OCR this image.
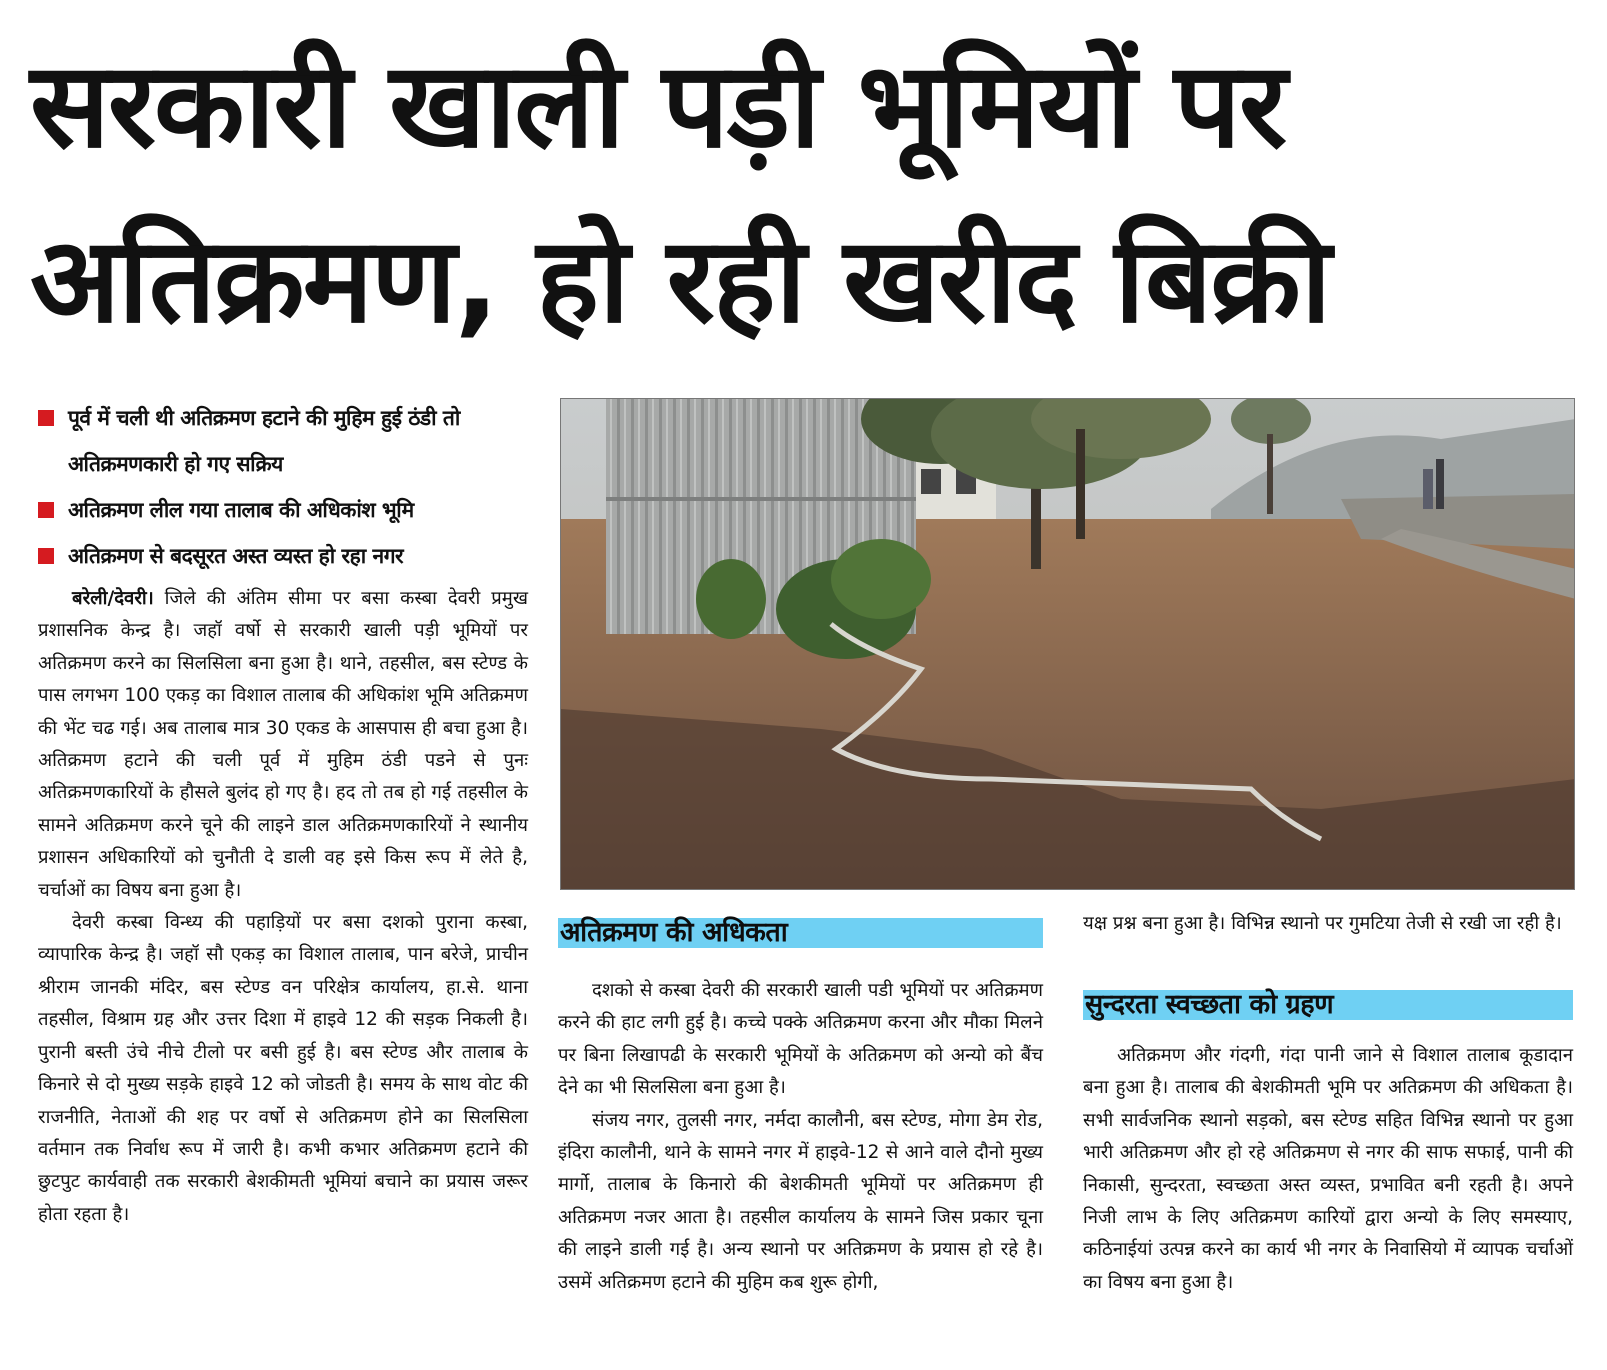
सरकारी खाली पड़ी भूमियों पर
अतिक्रमण, हो रही खरीद बिक्री
पूर्व में चली थी अतिक्रमण हटाने की मुहिम हुई ठंडी तो अतिक्रमणकारी हो गए सक्रिय
अतिक्रमण लील गया तालाब की अधिकांश भूमि
अतिक्रमण से बदसूरत अस्त व्यस्त हो रहा नगर

बरेली/देवरी। जिले की अंतिम सीमा पर बसा कस्बा देवरी प्रमुख प्रशासनिक केन्द्र है। जहॉ वर्षो से सरकारी खाली पड़ी भूमियों पर अतिक्रमण करने का सिलसिला बना हुआ है। थाने, तहसील, बस स्टेण्ड के पास लगभग 100 एकड़ का विशाल तालाब की अधिकांश भूमि अतिक्रमण की भेंट चढ गई। अब तालाब मात्र 30 एकड के आसपास ही बचा हुआ है। अतिक्रमण हटाने की चली पूर्व में मुहिम ठंडी पडने से पुनः अतिक्रमणकारियों के हौसले बुलंद हो गए है। हद तो तब हो गई तहसील के सामने अतिक्रमण करने चूने की लाइने डाल अतिक्रमणकारियों ने स्थानीय प्रशासन अधिकारियों को चुनौती दे डाली वह इसे किस रूप में लेते है, चर्चाओं का विषय बना हुआ है।

देवरी कस्बा विन्ध्य की पहाड़ियों पर बसा दशको पुराना कस्बा, व्यापारिक केन्द्र है। जहॉ सौ एकड़ का विशाल तालाब, पान बरेजे, प्राचीन श्रीराम जानकी मंदिर, बस स्टेण्ड वन परिक्षेत्र कार्यालय, हा.से. थाना तहसील, विश्राम ग्रह और उत्तर दिशा में हाइवे 12 की सड़क निकली है। पुरानी बस्ती उंचे नीचे टीलो पर बसी हुई है। बस स्टेण्ड और तालाब के किनारे से दो मुख्य सड़के हाइवे 12 को जोडती है। समय के साथ वोट की राजनीति, नेताओं की शह पर वर्षो से अतिक्रमण होने का सिलसिला वर्तमान तक निर्वाध रूप में जारी है। कभी कभार अतिक्रमण हटाने की छुटपुट कार्यवाही तक सरकारी बेशकीमती भूमियां बचाने का प्रयास जरूर होता रहता है।

अतिक्रमण की अधिकता

दशको से कस्बा देवरी की सरकारी खाली पडी भूमियों पर अतिक्रमण करने की हाट लगी हुई है। कच्चे पक्के अतिक्रमण करना और मौका मिलने पर बिना लिखापढी के सरकारी भूमियों के अतिक्रमण को अन्यो को बैंच देने का भी सिलसिला बना हुआ है।

संजय नगर, तुलसी नगर, नर्मदा कालौनी, बस स्टेण्ड, मोगा डेम रोड, इंदिरा कालौनी, थाने के सामने नगर में हाइवे-12 से आने वाले दौनो मुख्य मार्गो, तालाब के किनारो की बेशकीमती भूमियों पर अतिक्रमण ही अतिक्रमण नजर आता है। तहसील कार्यालय के सामने जिस प्रकार चूना की लाइने डाली गई है। अन्य स्थानो पर अतिक्रमण के प्रयास हो रहे है। उसमें अतिक्रमण हटाने की मुहिम कब शुरू होगी,

यक्ष प्रश्न बना हुआ है। विभिन्न स्थानो पर गुमटिया तेजी से रखी जा रही है।

सुन्दरता स्वच्छता को ग्रहण

अतिक्रमण और गंदगी, गंदा पानी जाने से विशाल तालाब कूडादान बना हुआ है। तालाब की बेशकीमती भूमि पर अतिक्रमण की अधिकता है। सभी सार्वजनिक स्थानो सड़को, बस स्टेण्ड सहित विभिन्न स्थानो पर हुआ भारी अतिक्रमण और हो रहे अतिक्रमण से नगर की साफ सफाई, पानी की निकासी, सुन्दरता, स्वच्छता अस्त व्यस्त, प्रभावित बनी रहती है। अपने निजी लाभ के लिए अतिक्रमण कारियों द्वारा अन्यो के लिए समस्याए, कठिनाईयां उत्पन्न करने का कार्य भी नगर के निवासियो में व्यापक चर्चाओं का विषय बना हुआ है।
